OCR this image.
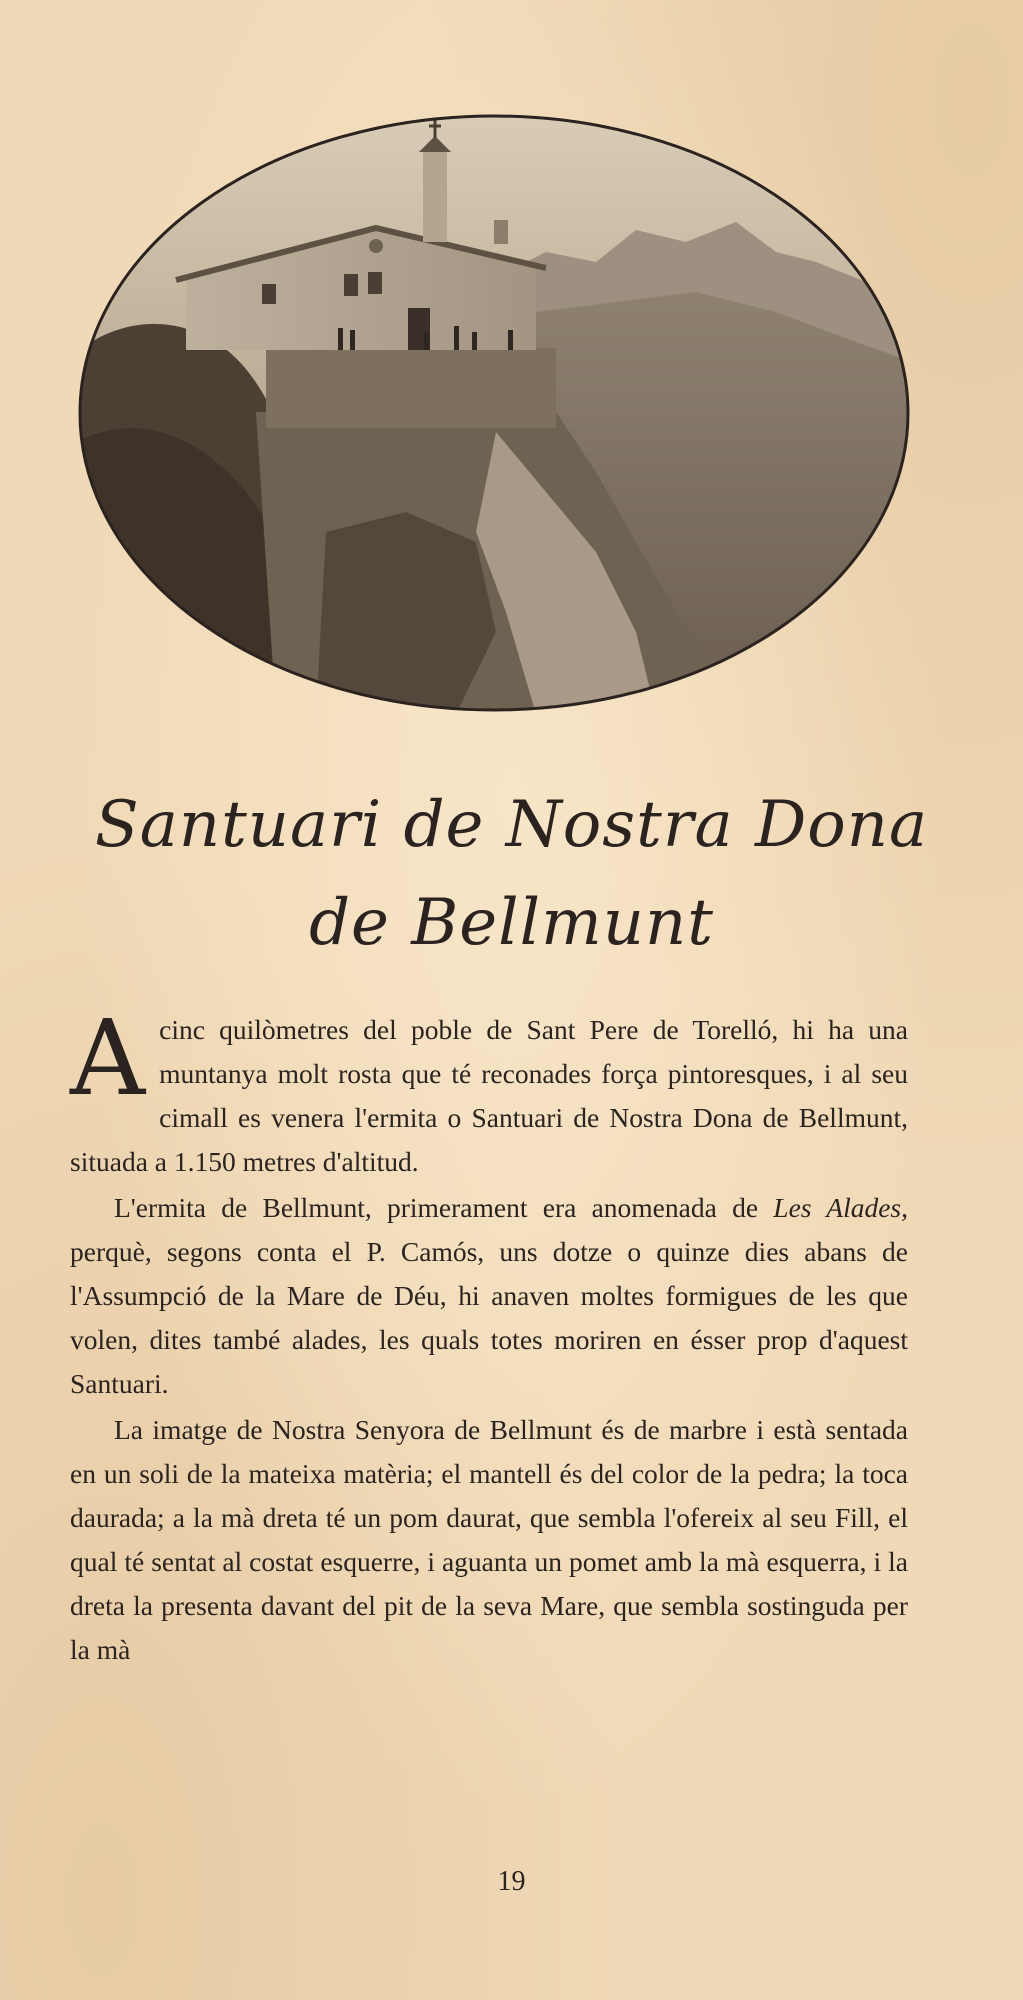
Santuari de Nostra Dona
de Bellmunt

Acinc quilòmetres del poble de Sant Pere de Torelló, hi ha una muntanya molt rosta que té reconades força pintoresques, i al seu cimall es venera l'ermita o Santuari de Nostra Dona de Bellmunt, situada a 1.150 metres d'altitud.

L'ermita de Bellmunt, primerament era anomenada de Les Alades, perquè, segons conta el P. Camós, uns dotze o quinze dies abans de l'Assumpció de la Mare de Déu, hi anaven moltes formigues de les que volen, dites també alades, les quals totes moriren en ésser prop d'aquest Santuari.

La imatge de Nostra Senyora de Bellmunt és de marbre i està sentada en un soli de la mateixa matèria; el mantell és del color de la pedra; la toca daurada; a la mà dreta té un pom daurat, que sembla l'ofereix al seu Fill, el qual té sentat al costat esquerre, i aguanta un pomet amb la mà esquerra, i la dreta la presenta davant del pit de la seva Mare, que sembla sostinguda per la mà

19
